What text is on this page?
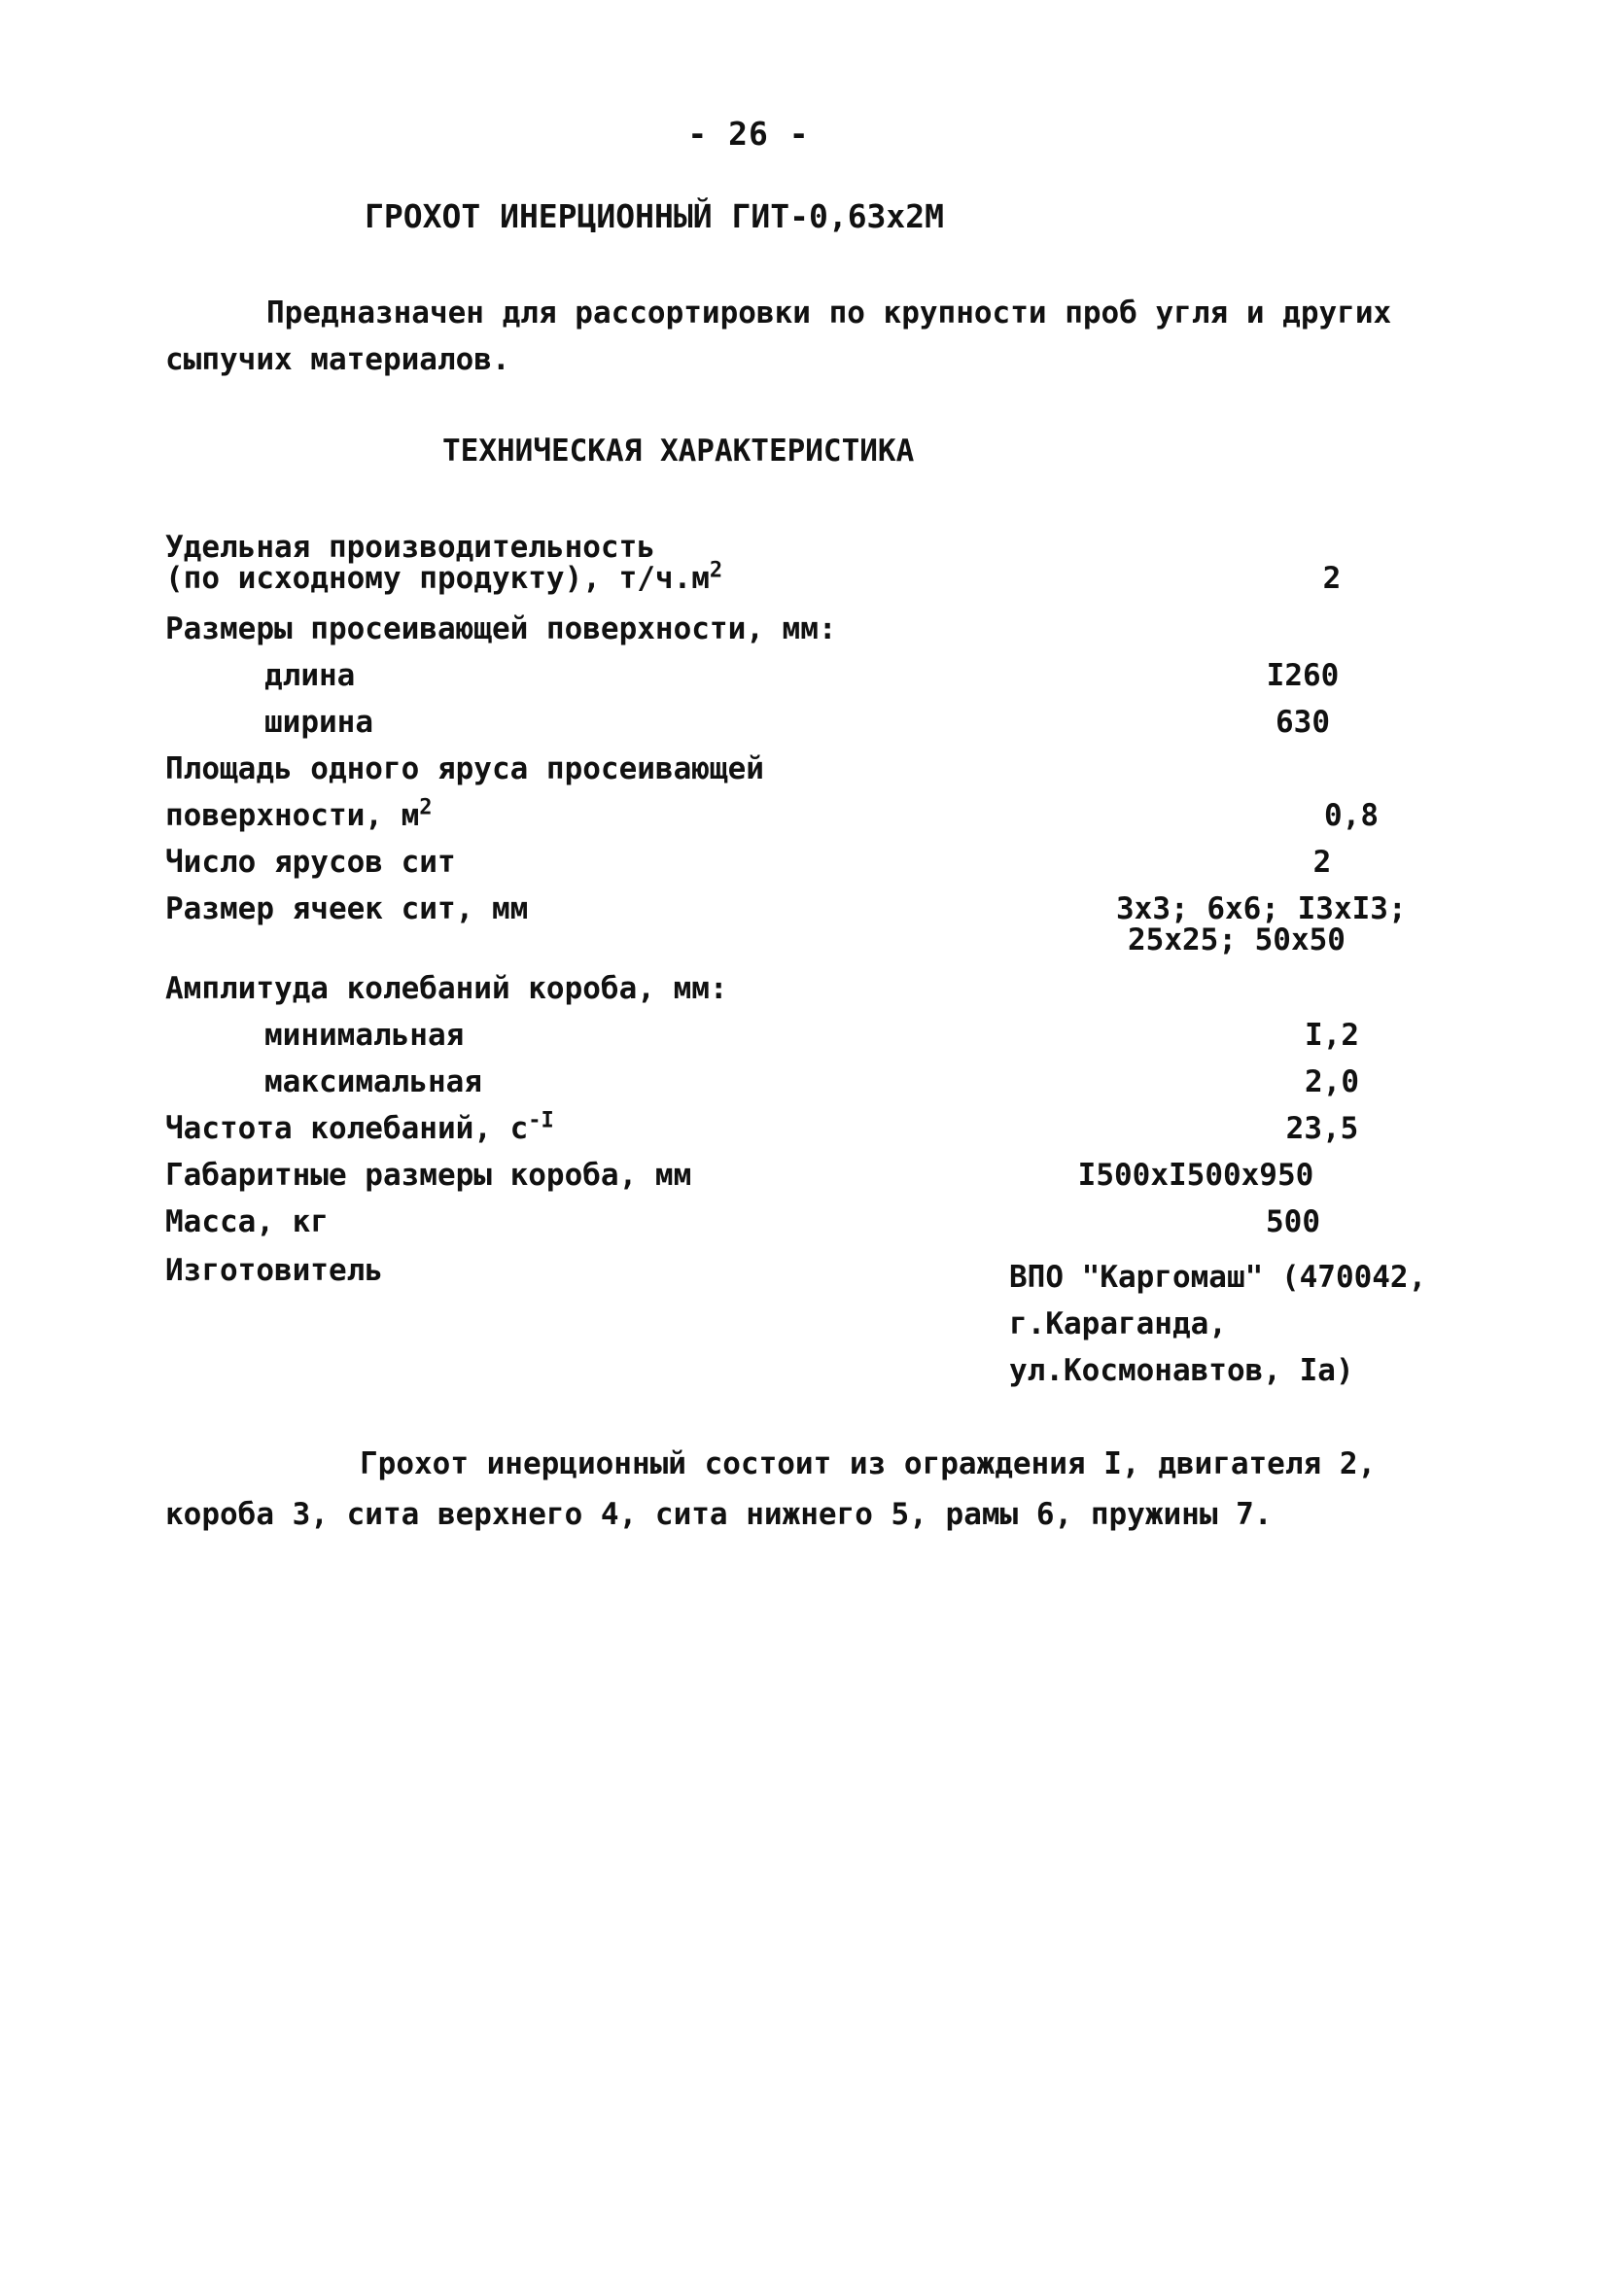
- 26 -
ГРОХОТ ИНЕРЦИОННЫЙ ГИТ-0,63х2М
Предназначен для рассортировки по крупности проб угля и других сыпучих материалов.
ТЕХНИЧЕСКАЯ ХАРАКТЕРИСТИКА
Удельная производительность
(по исходному продукту), $т/ч.м^2$	2
Размеры просеивающей поверхности, мм:
длина	I260
ширина	630
Площадь одного яруса просеивающей
поверхности, $м^2$	0,8
Число ярусов сит	2
Размер ячеек сит, мм	3х3; 6х6; I3хI3;
25х25; 50х50
Амплитуда колебаний короба, мм:
минимальная	I,2
максимальная	2,0
Частота колебаний, $с^{-I}$	23,5
Габаритные размеры короба, мм	I500хI500х950
Масса, кг	500
Изготовитель	ВПО "Каргомаш" (470042, г.Караганда, ул.Космонавтов, Iа)
Грохот инерционный состоит из ограждения I, двигателя 2, короба 3, сита верхнего 4, сита нижнего 5, рамы 6, пружины 7.
